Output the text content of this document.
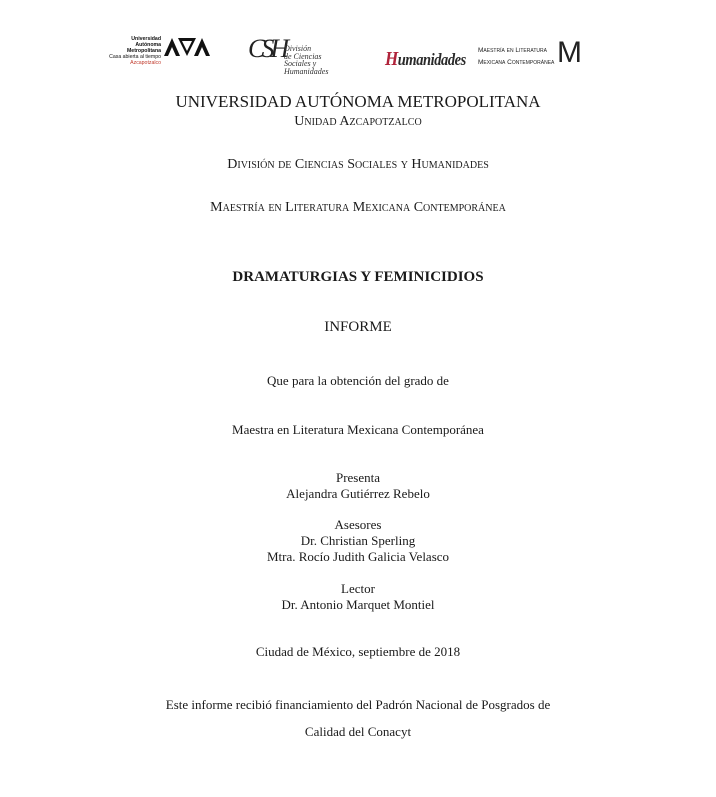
Universidad
Autónoma
Metropolitana
Casa abierta al tiempo Azcapotzalco	CSH
División
de Ciencias
Sociales y
Humanidades
Humanidades Maestría en Literatura
Mexicana Contemporánea M
UNIVERSIDAD AUTÓNOMA METROPOLITANA
Unidad Azcapotzalco
División de Ciencias Sociales y Humanidades
Maestría en Literatura Mexicana Contemporánea
DRAMATURGIAS Y FEMINICIDIOS
INFORME
Que para la obtención del grado de
Maestra en Literatura Mexicana Contemporánea
Presenta
Alejandra Gutiérrez Rebelo
Asesores
Dr. Christian Sperling
Mtra. Rocío Judith Galicia Velasco
Lector
Dr. Antonio Marquet Montiel
Ciudad de México, septiembre de 2018
Este informe recibió financiamiento del Padrón Nacional de Posgrados de
Calidad del Conacyt
